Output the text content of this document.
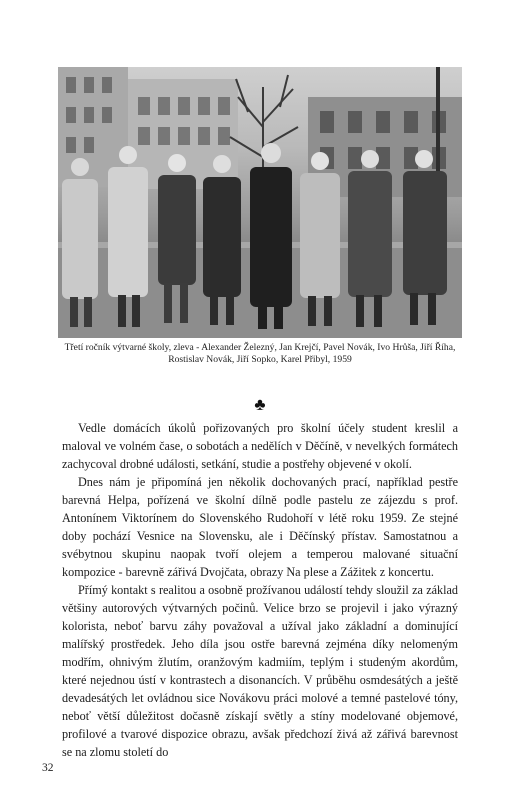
Třetí ročník výtvarné školy, zleva - Alexander Železný, Jan Krejčí, Pavel Novák, Ivo Hrůša, Jiří Říha, Rostislav Novák, Jiří Sopko, Karel Přibyl, 1959

♣

Vedle domácích úkolů pořizovaných pro školní účely student kreslil a maloval ve volném čase, o sobotách a nedělích v Děčíně, v nevelkých formátech zachycoval drobné události, setkání, studie a postřehy objevené v okolí.

Dnes nám je připomíná jen několik dochovaných prací, například pestře barevná Helpa, pořízená ve školní dílně podle pastelu ze zájezdu s prof. Antonínem Viktorínem do Slovenského Rudohoří v létě roku 1959. Ze stejné doby pochází Vesnice na Slovensku, ale i Děčínský přístav. Samostatnou a svébytnou skupinu naopak tvoří olejem a temperou malované situační kompozice - barevně zářivá Dvojčata, obrazy Na plese a Zážitek z koncertu.

Přímý kontakt s realitou a osobně prožívanou událostí tehdy sloužil za základ většiny autorových výtvarných počinů. Velice brzo se projevil i jako výrazný kolorista, neboť barvu záhy považoval a užíval jako základní a dominující malířský prostředek. Jeho díla jsou ostře barevná zejména díky nelomeným modřím, ohnivým žlutím, oranžovým kadmiím, teplým i studeným akordům, které nejednou ústí v kontrastech a disonancích. V průběhu osmdesátých a ještě devadesátých let ovládnou sice Novákovu práci molové a temné pastelové tóny, neboť větší důležitost dočasně získají světly a stíny modelované objemové, profilové a tvarové dispozice obrazu, avšak předchozí živá až zářivá barevnost se na zlomu století do

32
